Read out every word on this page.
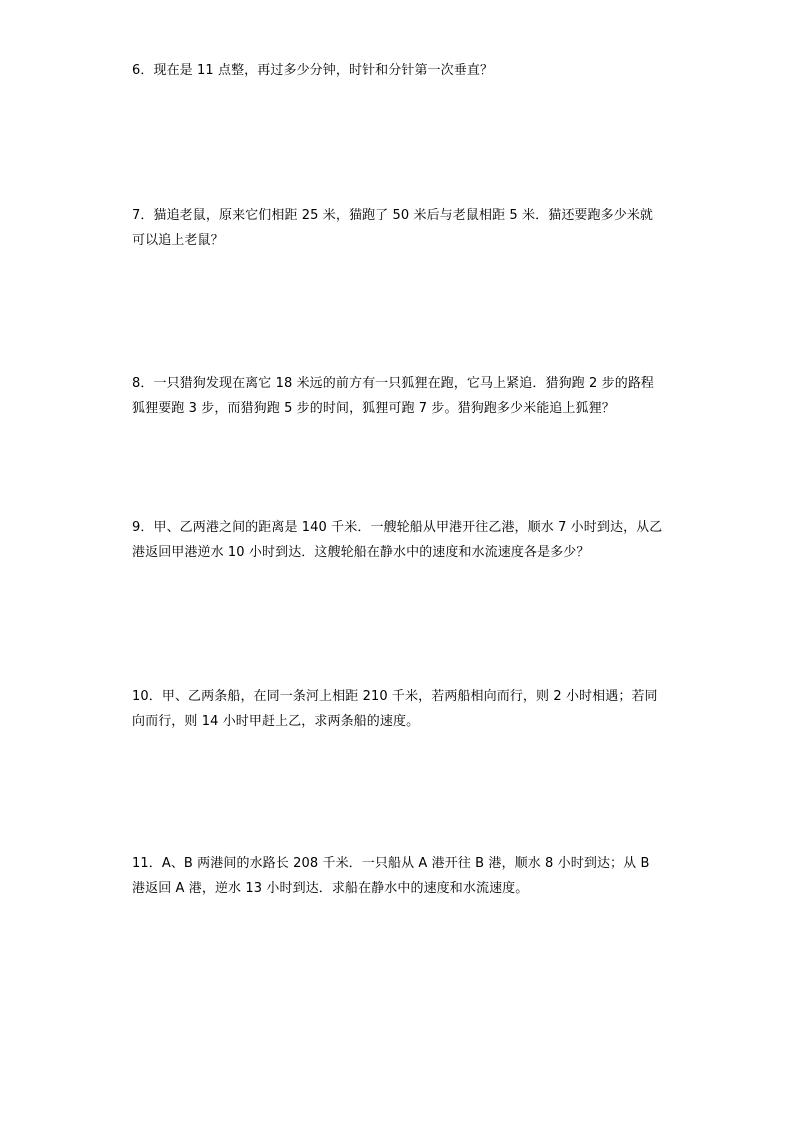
6．现在是 11 点整，再过多少分钟，时针和分针第一次垂直？

7．猫追老鼠，原来它们相距 25 米，猫跑了 50 米后与老鼠相距 5 米．猫还要跑多少米就可以追上老鼠？

8．一只猎狗发现在离它 18 米远的前方有一只狐狸在跑，它马上紧追．猎狗跑 2 步的路程狐狸要跑 3 步，而猎狗跑 5 步的时间，狐狸可跑 7 步。猎狗跑多少米能追上狐狸？

9．甲、乙两港之间的距离是 140 千米．一艘轮船从甲港开往乙港，顺水 7 小时到达，从乙港返回甲港逆水 10 小时到达．这艘轮船在静水中的速度和水流速度各是多少？

10．甲、乙两条船，在同一条河上相距 210 千米，若两船相向而行，则 2 小时相遇；若同向而行，则 14 小时甲赶上乙，求两条船的速度。

11．A、B 两港间的水路长 208 千米．一只船从 A 港开往 B 港，顺水 8 小时到达；从 B 港返回 A 港，逆水 13 小时到达．求船在静水中的速度和水流速度。
